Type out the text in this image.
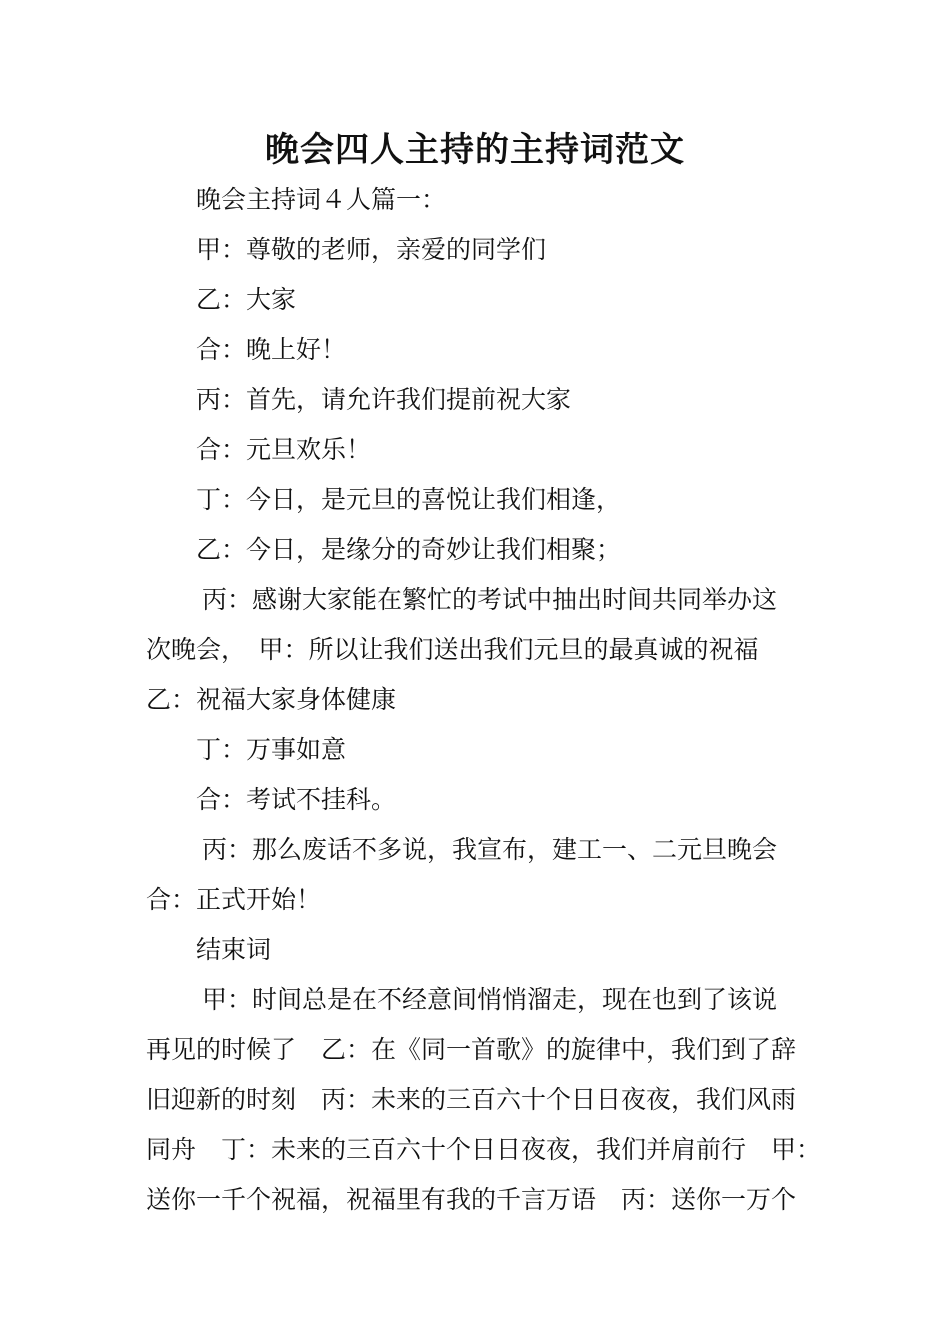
晚会四人主持的主持词范文
晚会主持词４人篇一：
甲：尊敬的老师，亲爱的同学们
乙：大家
合：晚上好！
丙：首先，请允许我们提前祝大家
合：元旦欢乐！
丁：今日，是元旦的喜悦让我们相逢，
乙：今日，是缘分的奇妙让我们相聚；
丙：感谢大家能在繁忙的考试中抽出时间共同举办这
次晚会，　甲：所以让我们送出我们元旦的最真诚的祝福
乙：祝福大家身体健康
丁：万事如意
合：考试不挂科。
丙：那么废话不多说，我宣布，建工一、二元旦晚会
合：正式开始！
结束词
甲：时间总是在不经意间悄悄溜走，现在也到了该说
再见的时候了　乙：在《同一首歌》的旋律中，我们到了辞
旧迎新的时刻　丙：未来的三百六十个日日夜夜，我们风雨
同舟　丁：未来的三百六十个日日夜夜，我们并肩前行　甲：
送你一千个祝福，祝福里有我的千言万语　丙：送你一万个
